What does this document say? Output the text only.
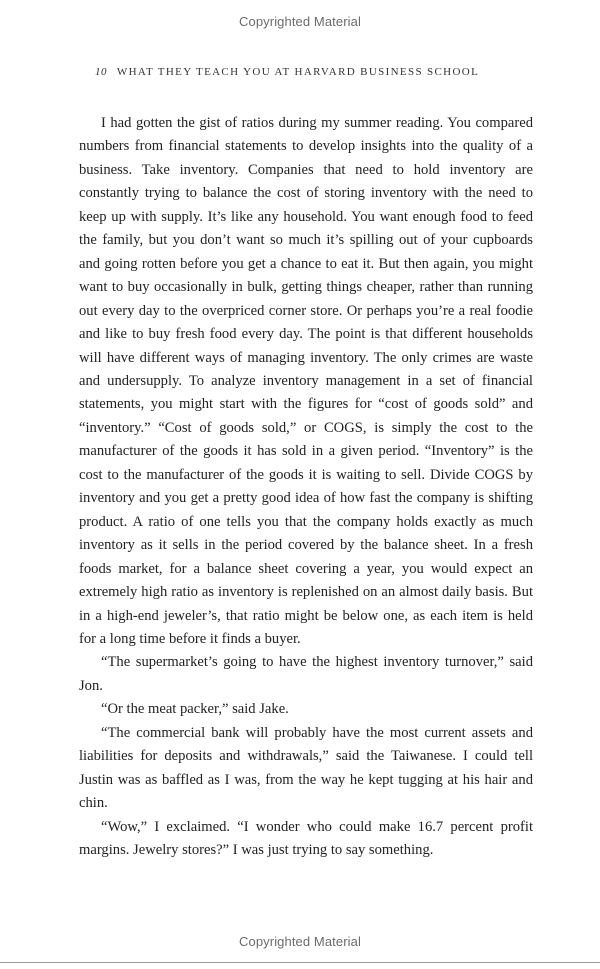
Copyrighted Material
10 WHAT THEY TEACH YOU AT HARVARD BUSINESS SCHOOL

I had gotten the gist of ratios during my summer reading. You compared numbers from financial statements to develop insights into the quality of a business. Take inventory. Companies that need to hold inventory are constantly trying to balance the cost of storing inventory with the need to keep up with supply. It’s like any household. You want enough food to feed the family, but you don’t want so much it’s spilling out of your cupboards and going rotten before you get a chance to eat it. But then again, you might want to buy occasionally in bulk, getting things cheaper, rather than running out every day to the overpriced corner store. Or perhaps you’re a real foodie and like to buy fresh food every day. The point is that different households will have different ways of managing inventory. The only crimes are waste and undersupply. To analyze inventory management in a set of financial statements, you might start with the figures for “cost of goods sold” and “inventory.” “Cost of goods sold,” or COGS, is simply the cost to the manufacturer of the goods it has sold in a given period. “Inventory” is the cost to the manufacturer of the goods it is waiting to sell. Divide COGS by inventory and you get a pretty good idea of how fast the company is shifting product. A ratio of one tells you that the company holds exactly as much inventory as it sells in the period covered by the balance sheet. In a fresh foods market, for a balance sheet covering a year, you would expect an extremely high ratio as inventory is replenished on an almost daily basis. But in a high-end jeweler’s, that ratio might be below one, as each item is held for a long time before it finds a buyer.

“The supermarket’s going to have the highest inventory turnover,” said Jon.

“Or the meat packer,” said Jake.

“The commercial bank will probably have the most current assets and liabilities for deposits and withdrawals,” said the Taiwanese. I could tell Justin was as baffled as I was, from the way he kept tugging at his hair and chin.

“Wow,” I exclaimed. “I wonder who could make 16.7 percent profit margins. Jewelry stores?” I was just trying to say something.

Copyrighted Material
